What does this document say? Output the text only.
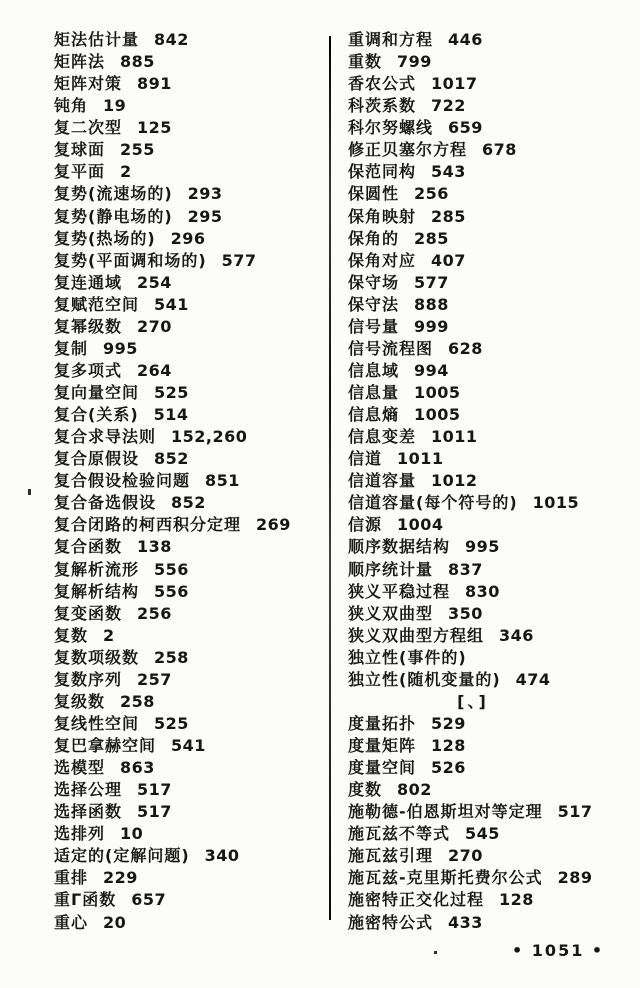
矩法估计量 842
矩阵法 885
矩阵对策 891
钝角 19
复二次型 125
复球面 255
复平面 2
复势(流速场的) 293
复势(静电场的) 295
复势(热场的) 296
复势(平面调和场的) 577
复连通域 254
复赋范空间 541
复幂级数 270
复制 995
复多项式 264
复向量空间 525
复合(关系) 514
复合求导法则 152,260
复合原假设 852
复合假设检验问题 851
复合备选假设 852
复合闭路的柯西积分定理 269
复合函数 138
复解析流形 556
复解析结构 556
复变函数 256
复数 2
复数项级数 258
复数序列 257
复级数 258
复线性空间 525
复巴拿赫空间 541
选模型 863
选择公理 517
选择函数 517
选排列 10
适定的(定解问题) 340
重排 229
重Γ函数 657
重心 20
重调和方程 446
重数 799
香农公式 1017
科茨系数 722
科尔努螺线 659
修正贝塞尔方程 678
保范同构 543
保圆性 256
保角映射 285
保角的 285
保角对应 407
保守场 577
保守法 888
信号量 999
信号流程图 628
信息域 994
信息量 1005
信息熵 1005
信息变差 1011
信道 1011
信道容量 1012
信道容量(每个符号的) 1015
信源 1004
顺序数据结构 995
顺序统计量 837
狭义平稳过程 830
狭义双曲型 350
狭义双曲型方程组 346
独立性(事件的)
独立性(随机变量的) 474
[、]
度量拓扑 529
度量矩阵 128
度量空间 526
度数 802
施勒德-伯恩斯坦对等定理 517
施瓦兹不等式 545
施瓦兹引理 270
施瓦兹-克里斯托费尔公式 289
施密特正交化过程 128
施密特公式 433
• 1051 •
